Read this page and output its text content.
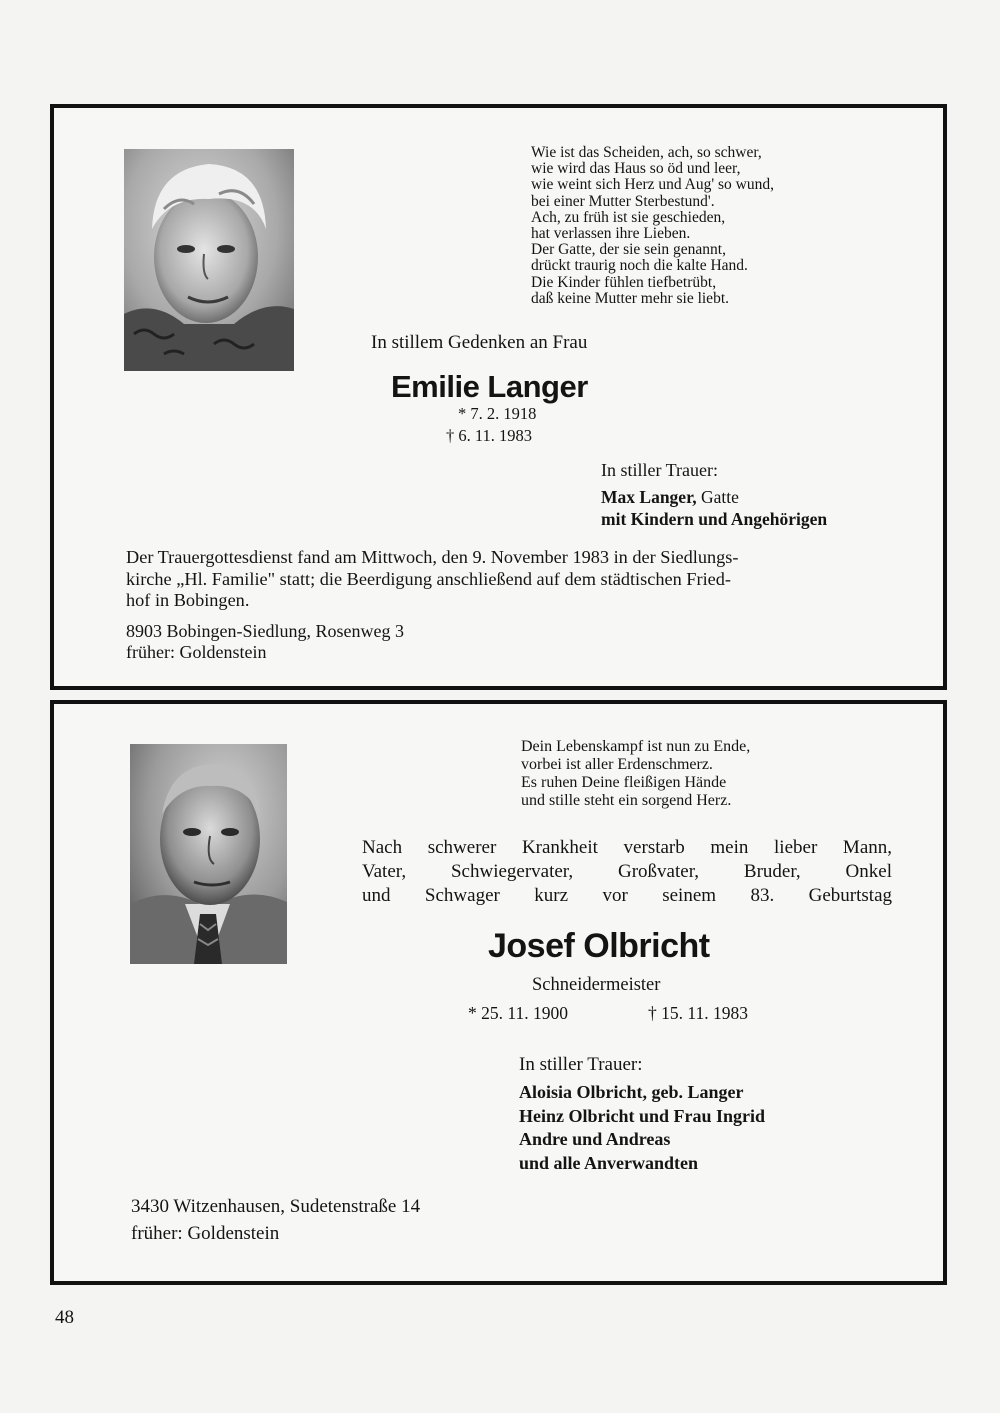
Wie ist das Scheiden, ach, so schwer,
wie wird das Haus so öd und leer,
wie weint sich Herz und Aug' so wund,
bei einer Mutter Sterbestund'.
Ach, zu früh ist sie geschieden,
hat verlassen ihre Lieben.
Der Gatte, der sie sein genannt,
drückt traurig noch die kalte Hand.
Die Kinder fühlen tiefbetrübt,
daß keine Mutter mehr sie liebt.
In stillem Gedenken an Frau
Emilie Langer
* 7. 2. 1918
† 6. 11. 1983
In stiller Trauer:
Max Langer, Gatte
mit Kindern und Angehörigen
Der Trauergottesdienst fand am Mittwoch, den 9. November 1983 in der Siedlungs-
kirche „Hl. Familie" statt; die Beerdigung anschließend auf dem städtischen Fried-
hof in Bobingen.
8903 Bobingen-Siedlung, Rosenweg 3
früher: Goldenstein
Dein Lebenskampf ist nun zu Ende,
vorbei ist aller Erdenschmerz.
Es ruhen Deine fleißigen Hände
und stille steht ein sorgend Herz.
Nach schwerer Krankheit verstarb mein lieber Mann,
Vater, Schwiegervater, Großvater, Bruder, Onkel
und Schwager kurz vor seinem 83. Geburtstag
Josef Olbricht
Schneidermeister
* 25. 11. 1900	† 15. 11. 1983
In stiller Trauer:
Aloisia Olbricht, geb. Langer
Heinz Olbricht und Frau Ingrid
Andre und Andreas
und alle Anverwandten
3430 Witzenhausen, Sudetenstraße 14
früher: Goldenstein
48
